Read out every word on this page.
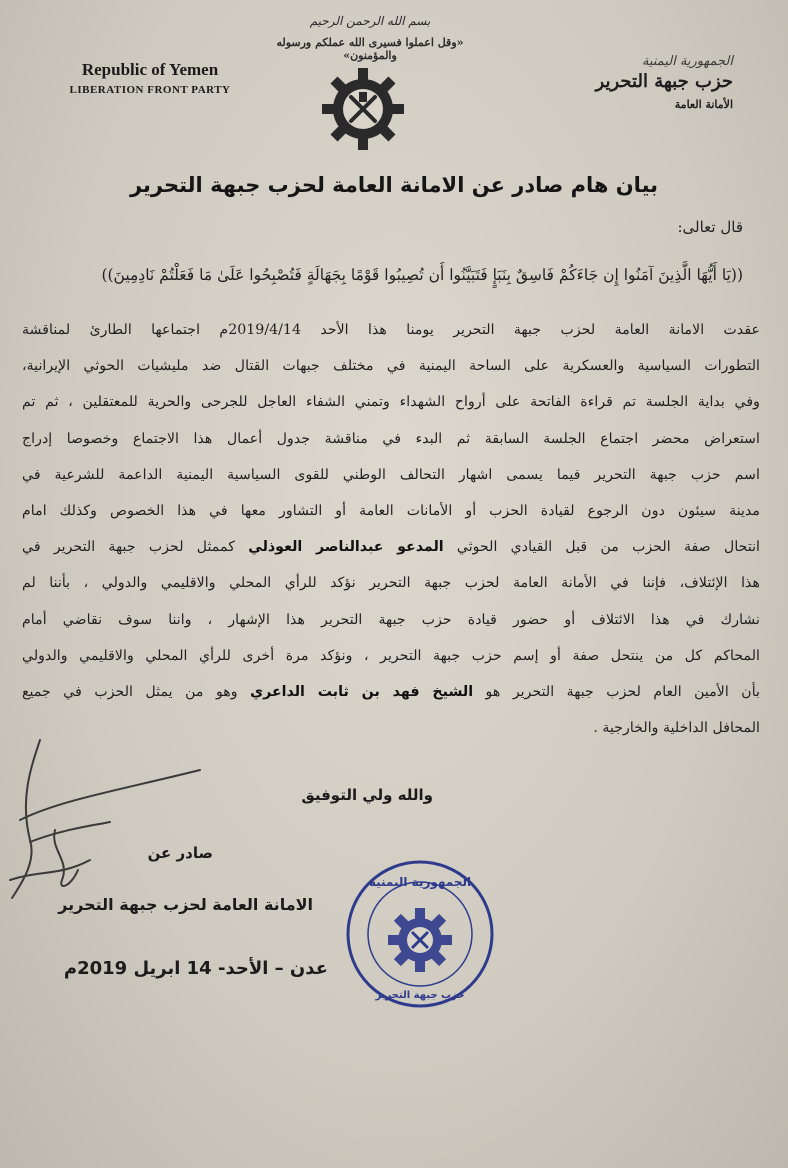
بسم الله الرحمن الرحيم
«وقل اعملوا فسيرى الله عملكم ورسوله والمؤمنون»
Republic of Yemen
LIBERATION FRONT PARTY
الجمهورية اليمنية
حزب جبهة التحرير
الأمانة العامة
بيان هام صادر عن الامانة العامة لحزب جبهة التحرير
قال تعالى:
((يَا أَيُّهَا الَّذِينَ آمَنُوا إِن جَاءَكُمْ فَاسِقٌ بِنَبَإٍ فَتَبَيَّنُوا أَن تُصِيبُوا قَوْمًا بِجَهَالَةٍ فَتُصْبِحُوا عَلَىٰ مَا فَعَلْتُمْ نَادِمِينَ))
عقدت الامانة العامة لحزب جبهة التحرير يومنا هذا الأحد 2019/4/14م اجتماعها الطارئ لمناقشة
التطورات السياسية والعسكرية على الساحة اليمنية في مختلف جبهات القتال ضد مليشيات الحوثي الإيرانية،
وفي بداية الجلسة تم قراءة الفاتحة على أرواح الشهداء وتمني الشفاء العاجل للجرحى والحرية للمعتقلين ، ثم تم
استعراض محضر اجتماع الجلسة السابقة ثم البدء في مناقشة جدول أعمال هذا الاجتماع وخصوصا إدراج
اسم حزب جبهة التحرير فيما يسمى اشهار التحالف الوطني للقوى السياسية اليمنية الداعمة للشرعية في
مدينة سيئون دون الرجوع لقيادة الحزب أو الأمانات العامة أو التشاور معها في هذا الخصوص وكذلك امام
انتحال صفة الحزب من قبل القيادي الحوثي المدعو عبدالناصر العوذلي كممثل لحزب جبهة التحرير في
هذا الإئتلاف، فإننا في الأمانة العامة لحزب جبهة التحرير نؤكد للرأي المحلي والاقليمي والدولي ، بأننا لم
نشارك في هذا الائتلاف أو حضور قيادة حزب جبهة التحرير هذا الإشهار ، واننا سوف نقاضي أمام
المحاكم كل من ينتحل صفة أو إسم حزب جبهة التحرير ، ونؤكد مرة أخرى للرأي المحلي والاقليمي والدولي
بأن الأمين العام لحزب جبهة التحرير هو الشيخ فهد بن ثابت الداعري وهو من يمثل الحزب في جميع
المحافل الداخلية والخارجية .
والله ولي التوفيق
صادر عن
الامانة العامة لحزب جبهة التحرير
عدن – الأحد- 14 ابريل 2019م
الجمهورية اليمنية
حزب جبهة التحرير
